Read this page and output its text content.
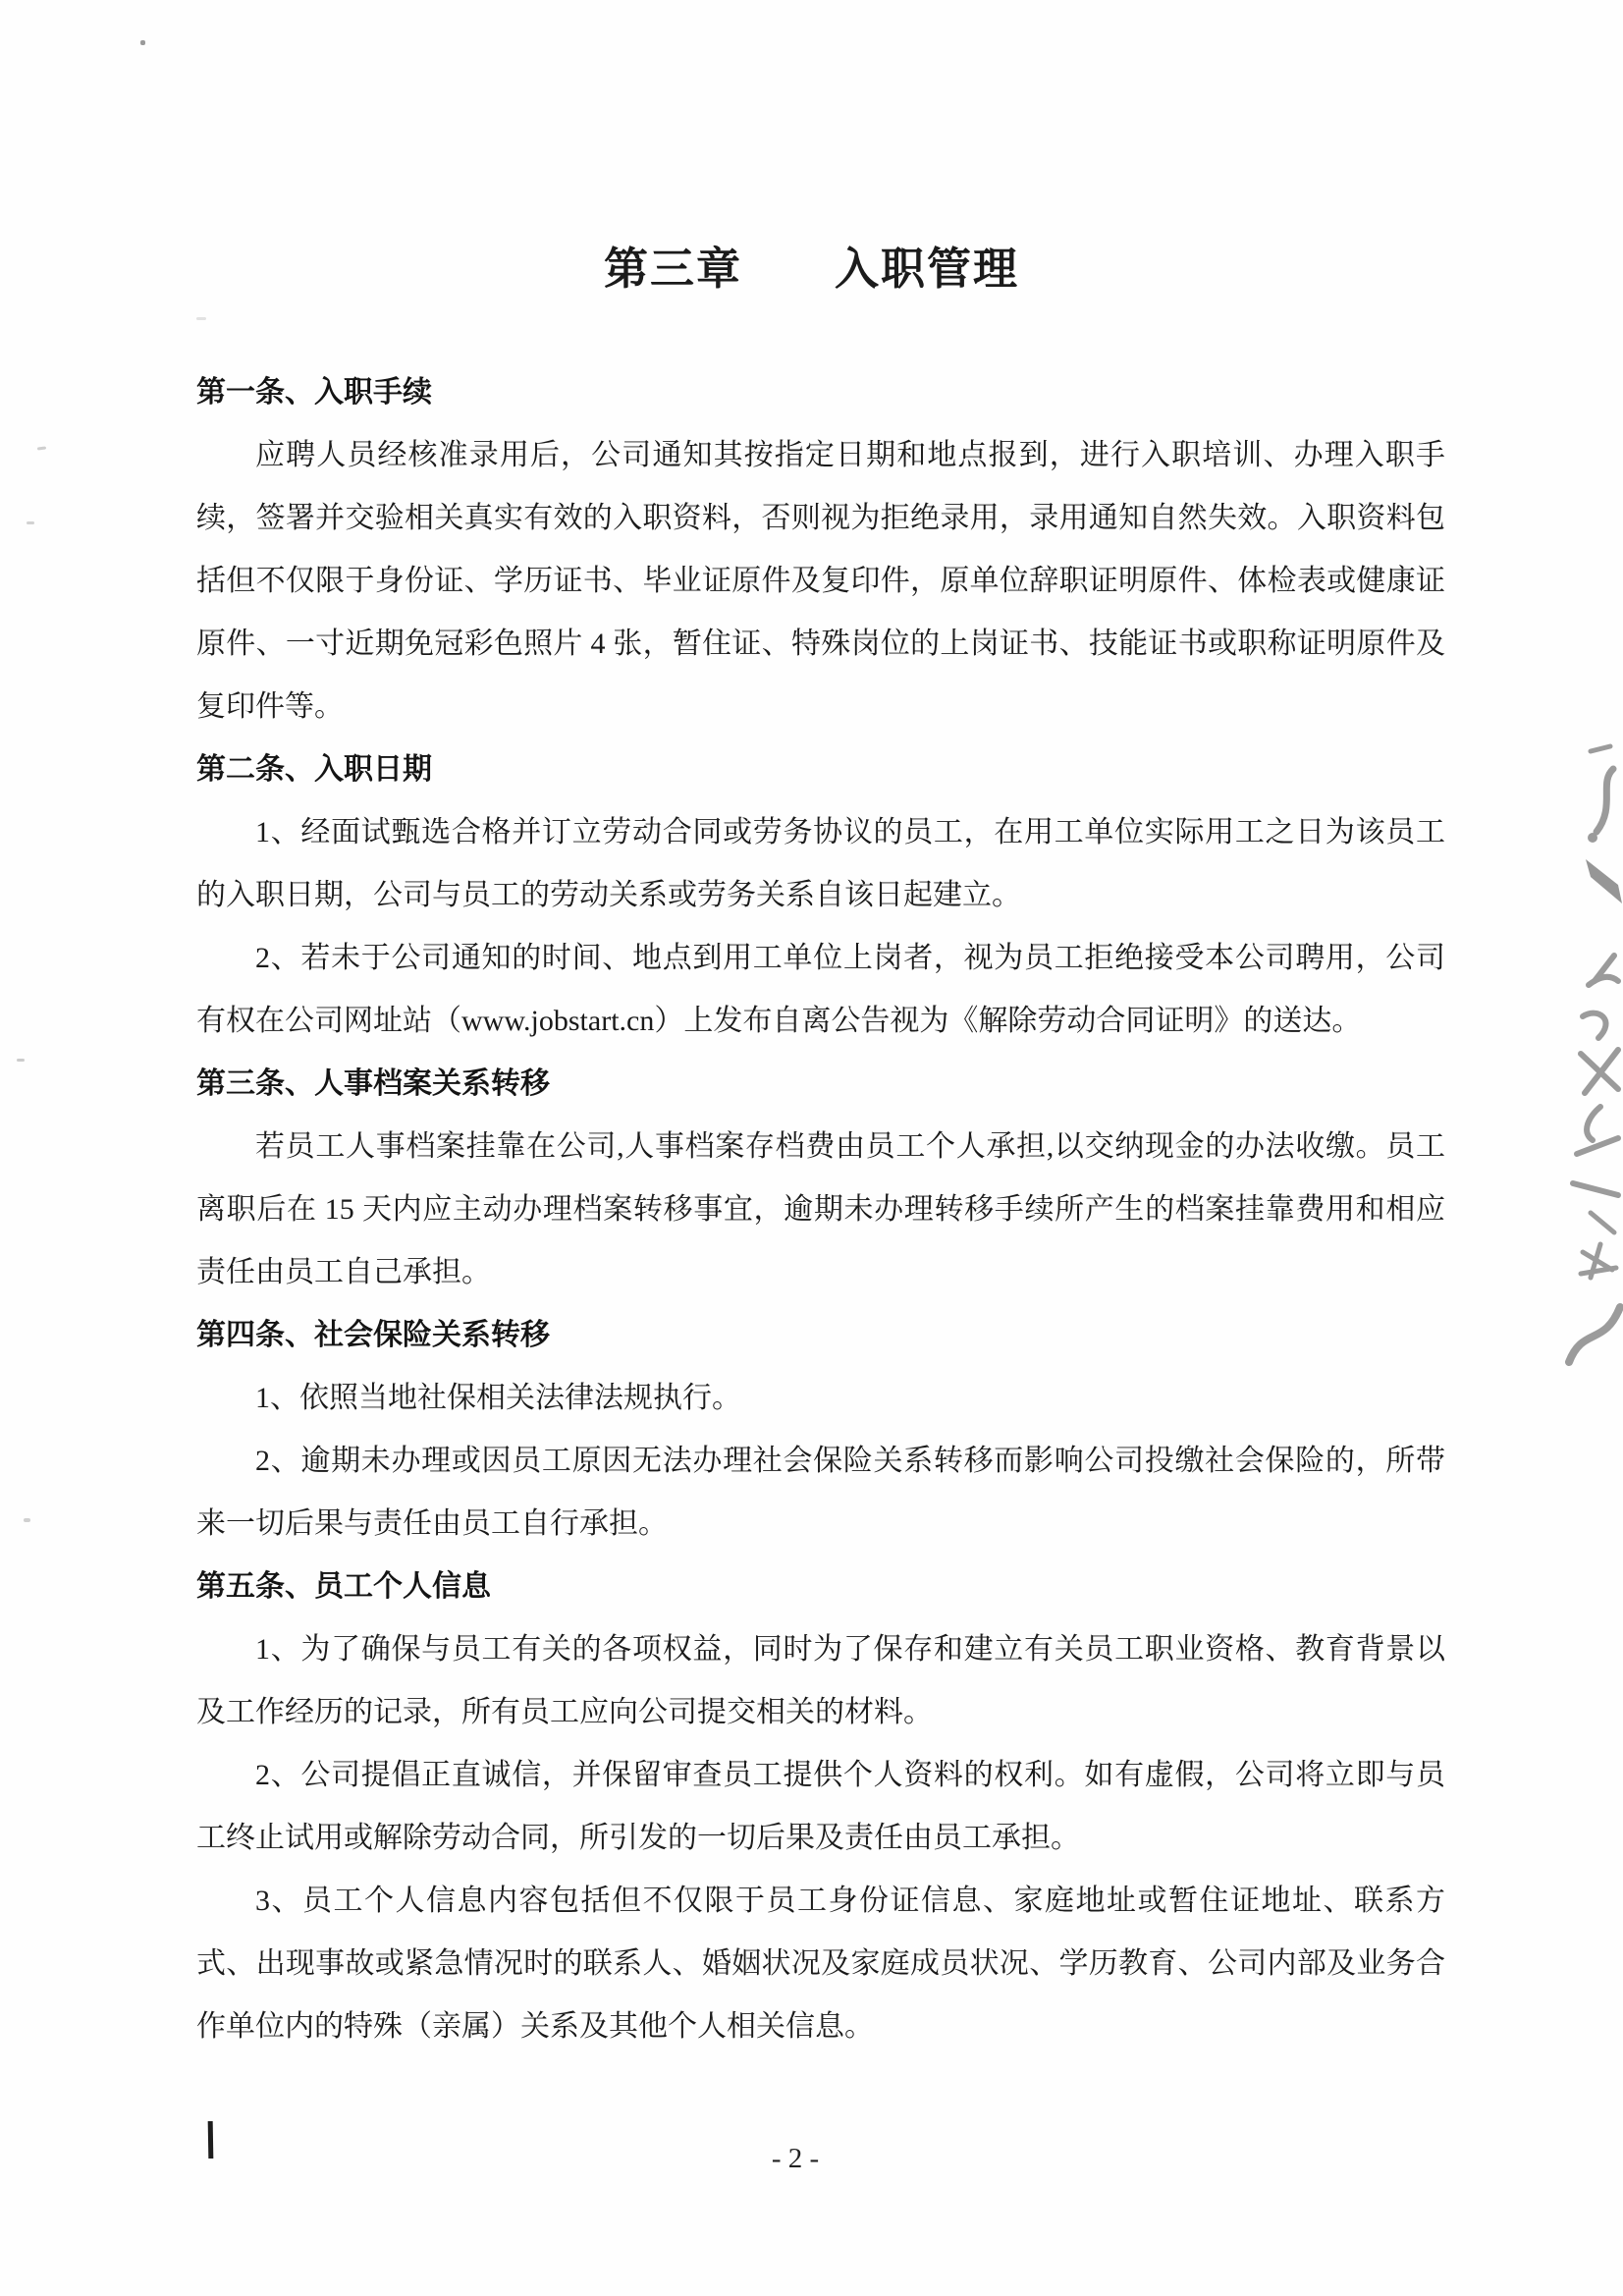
第三章　　入职管理
第一条、入职手续

应聘人员经核准录用后，公司通知其按指定日期和地点报到，进行入职培训、办理入职手续，签署并交验相关真实有效的入职资料，否则视为拒绝录用，录用通知自然失效。入职资料包括但不仅限于身份证、学历证书、毕业证原件及复印件，原单位辞职证明原件、体检表或健康证原件、一寸近期免冠彩色照片 4 张，暂住证、特殊岗位的上岗证书、技能证书或职称证明原件及复印件等。

第二条、入职日期

1、经面试甄选合格并订立劳动合同或劳务协议的员工，在用工单位实际用工之日为该员工的入职日期，公司与员工的劳动关系或劳务关系自该日起建立。

2、若未于公司通知的时间、地点到用工单位上岗者，视为员工拒绝接受本公司聘用，公司有权在公司网址站（www.jobstart.cn）上发布自离公告视为《解除劳动合同证明》的送达。

第三条、人事档案关系转移

若员工人事档案挂靠在公司,人事档案存档费由员工个人承担,以交纳现金的办法收缴。员工离职后在 15 天内应主动办理档案转移事宜，逾期未办理转移手续所产生的档案挂靠费用和相应责任由员工自己承担。

第四条、社会保险关系转移

1、依照当地社保相关法律法规执行。

2、逾期未办理或因员工原因无法办理社会保险关系转移而影响公司投缴社会保险的，所带来一切后果与责任由员工自行承担。

第五条、员工个人信息

1、为了确保与员工有关的各项权益，同时为了保存和建立有关员工职业资格、教育背景以及工作经历的记录，所有员工应向公司提交相关的材料。

2、公司提倡正直诚信，并保留审查员工提供个人资料的权利。如有虚假，公司将立即与员工终止试用或解除劳动合同，所引发的一切后果及责任由员工承担。

3、员工个人信息内容包括但不仅限于员工身份证信息、家庭地址或暂住证地址、联系方式、出现事故或紧急情况时的联系人、婚姻状况及家庭成员状况、学历教育、公司内部及业务合作单位内的特殊（亲属）关系及其他个人相关信息。

- 2 -
